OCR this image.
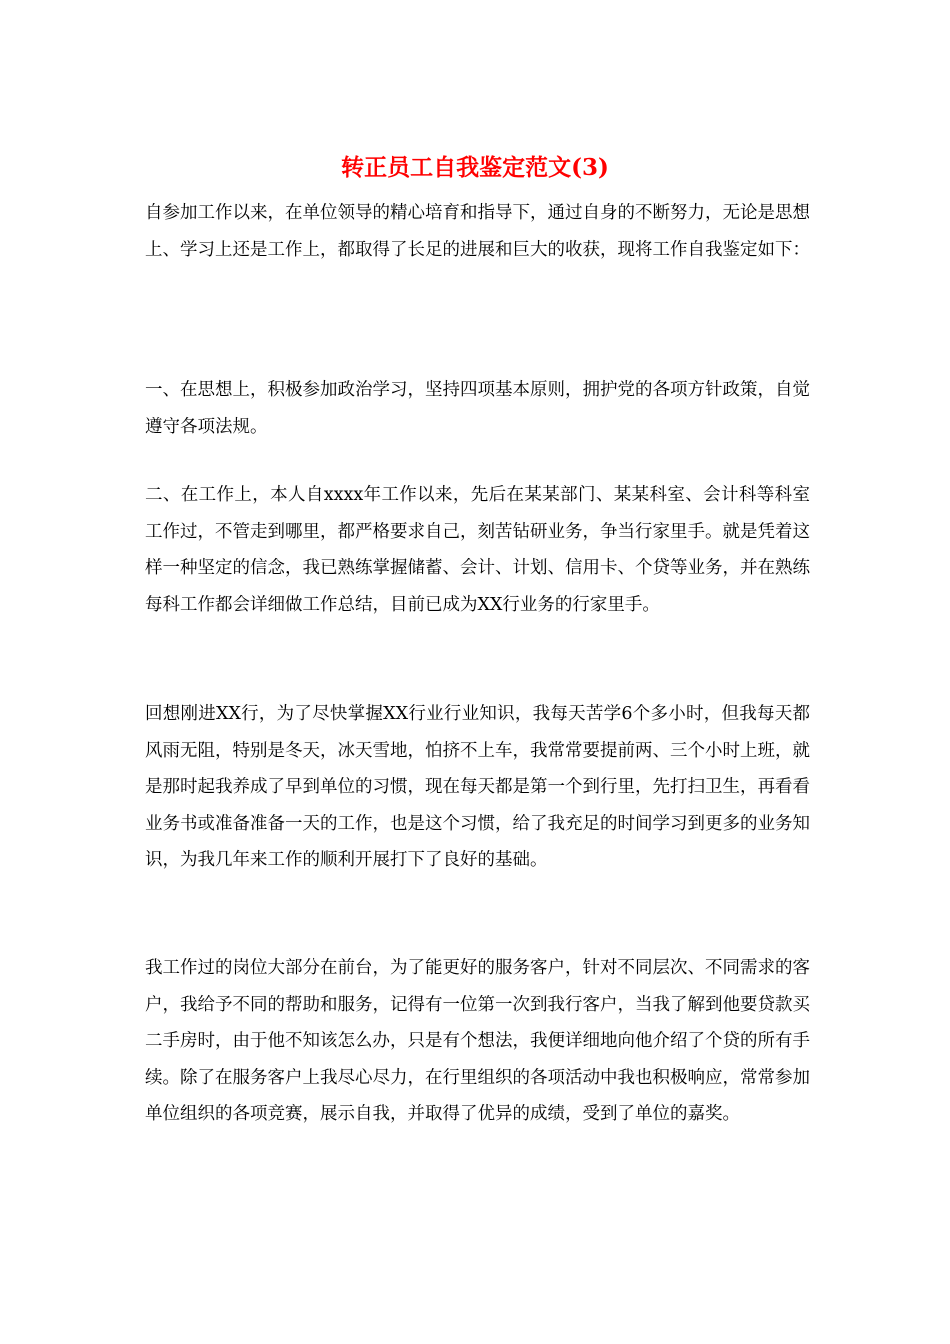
转正员工自我鉴定范文(3)

自参加工作以来，在单位领导的精心培育和指导下，通过自身的不断努力，无论是思想上、学习上还是工作上，都取得了长足的进展和巨大的收获，现将工作自我鉴定如下：

一、在思想上，积极参加政治学习，坚持四项基本原则，拥护党的各项方针政策，自觉遵守各项法规。

二、在工作上，本人自xxxx年工作以来，先后在某某部门、某某科室、会计科等科室工作过，不管走到哪里，都严格要求自己，刻苦钻研业务，争当行家里手。就是凭着这样一种坚定的信念，我已熟练掌握储蓄、会计、计划、信用卡、个贷等业务，并在熟练每科工作都会详细做工作总结，目前已成为XX行业务的行家里手。

回想刚进XX行，为了尽快掌握XX行业行业知识，我每天苦学6个多小时，但我每天都风雨无阻，特别是冬天，冰天雪地，怕挤不上车，我常常要提前两、三个小时上班，就是那时起我养成了早到单位的习惯，现在每天都是第一个到行里，先打扫卫生，再看看业务书或准备准备一天的工作，也是这个习惯，给了我充足的时间学习到更多的业务知识，为我几年来工作的顺利开展打下了良好的基础。

我工作过的岗位大部分在前台，为了能更好的服务客户，针对不同层次、不同需求的客户，我给予不同的帮助和服务，记得有一位第一次到我行客户，当我了解到他要贷款买二手房时，由于他不知该怎么办，只是有个想法，我便详细地向他介绍了个贷的所有手续。除了在服务客户上我尽心尽力，在行里组织的各项活动中我也积极响应，常常参加单位组织的各项竞赛，展示自我，并取得了优异的成绩，受到了单位的嘉奖。
